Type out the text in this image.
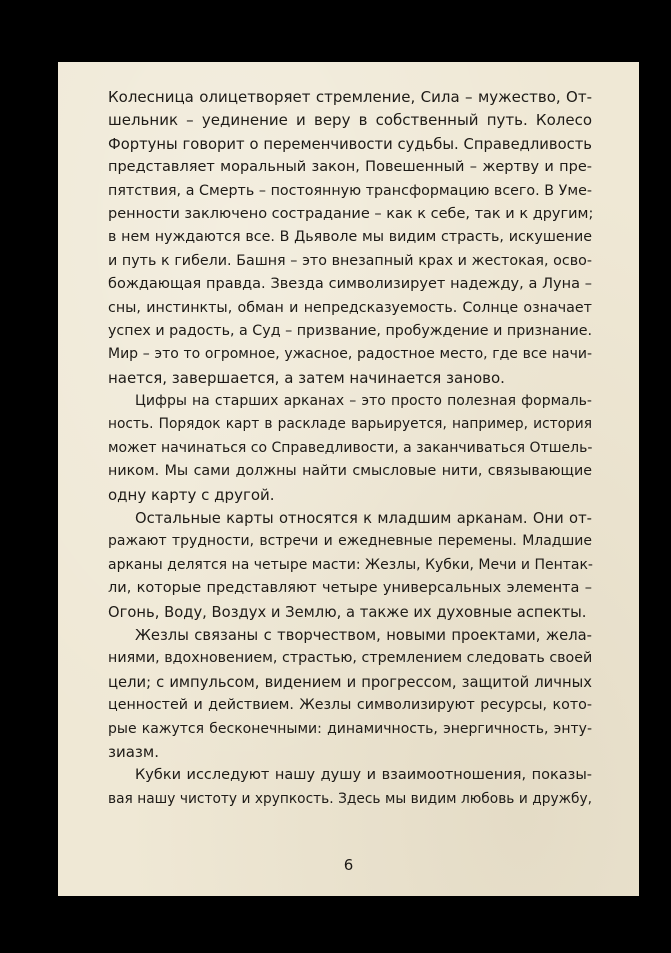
Колесница олицетворяет стремление, Сила – мужество, От-
шельник – уединение и веру в собственный путь. Колесо
Фортуны говорит о переменчивости судьбы. Справедливость
представляет моральный закон, Повешенный – жертву и пре-
пятствия, а Смерть – постоянную трансформацию всего. В Уме-
ренности заключено сострадание – как к себе, так и к другим;
в нем нуждаются все. В Дьяволе мы видим страсть, искушение
и путь к гибели. Башня – это внезапный крах и жестокая, осво-
бождающая правда. Звезда символизирует надежду, а Луна –
сны, инстинкты, обман и непредсказуемость. Солнце означает
успех и радость, а Суд – призвание, пробуждение и признание.
Мир – это то огромное, ужасное, радостное место, где все начи-
нается, завершается, а затем начинается заново.
Цифры на старших арканах – это просто полезная формаль-
ность. Порядок карт в раскладе варьируется, например, история
может начинаться со Справедливости, а заканчиваться Отшель-
ником. Мы сами должны найти смысловые нити, связывающие
одну карту с другой.
Остальные карты относятся к младшим арканам. Они от-
ражают трудности, встречи и ежедневные перемены. Младшие
арканы делятся на четыре масти: Жезлы, Кубки, Мечи и Пентак-
ли, которые представляют четыре универсальных элемента –
Огонь, Воду, Воздух и Землю, а также их духовные аспекты.
Жезлы связаны с творчеством, новыми проектами, жела-
ниями, вдохновением, страстью, стремлением следовать своей
цели; с импульсом, видением и прогрессом, защитой личных
ценностей и действием. Жезлы символизируют ресурсы, кото-
рые кажутся бесконечными: динамичность, энергичность, энту-
зиазм.
Кубки исследуют нашу душу и взаимоотношения, показы-
вая нашу чистоту и хрупкость. Здесь мы видим любовь и дружбу,
6
